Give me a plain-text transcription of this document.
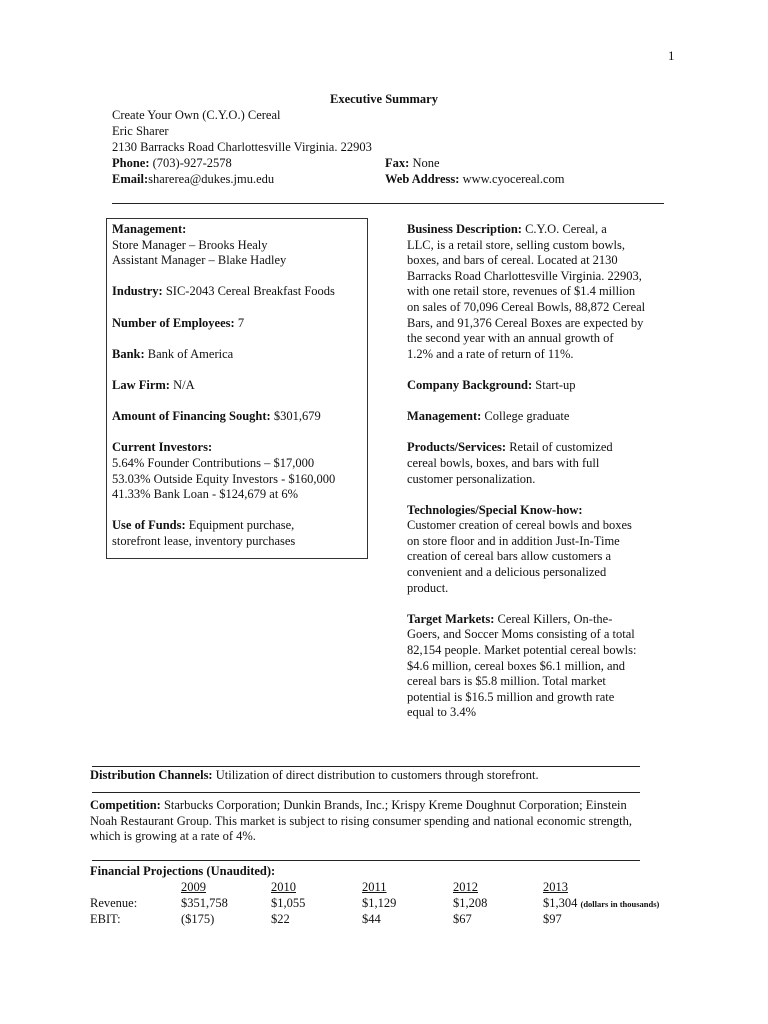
1
Executive Summary
Create Your Own (C.Y.O.) Cereal
Eric Sharer
2130 Barracks Road Charlottesville Virginia. 22903
Phone: (703)-927-2578	Fax: None
Email:sharerea@dukes.jmu.edu	Web Address: www.cyocereal.com

Management:
Store Manager – Brooks Healy
Assistant Manager – Blake Hadley

Industry: SIC-2043 Cereal Breakfast Foods

Number of Employees: 7

Bank: Bank of America

Law Firm: N/A

Amount of Financing Sought: $301,679

Current Investors:
5.64% Founder Contributions – $17,000
53.03% Outside Equity Investors - $160,000
41.33% Bank Loan - $124,679 at 6%

Use of Funds: Equipment purchase,
storefront lease, inventory purchases

Business Description: C.Y.O. Cereal, a
LLC, is a retail store, selling custom bowls,
boxes, and bars of cereal. Located at 2130
Barracks Road Charlottesville Virginia. 22903,
with one retail store, revenues of $1.4 million
on sales of 70,096 Cereal Bowls, 88,872 Cereal
Bars, and 91,376 Cereal Boxes are expected by
the second year with an annual growth of
1.2% and a rate of return of 11%.

Company Background: Start-up

Management: College graduate

Products/Services: Retail of customized
cereal bowls, boxes, and bars with full
customer personalization.

Technologies/Special Know-how:
Customer creation of cereal bowls and boxes
on store floor and in addition Just-In-Time
creation of cereal bars allow customers a
convenient and a delicious personalized
product.

Target Markets: Cereal Killers, On-the-
Goers, and Soccer Moms consisting of a total
82,154 people. Market potential cereal bowls:
$4.6 million, cereal boxes $6.1 million, and
cereal bars is $5.8 million. Total market
potential is $16.5 million and growth rate
equal to 3.4%

Distribution Channels: Utilization of direct distribution to customers through storefront.
Competition: Starbucks Corporation; Dunkin Brands, Inc.; Krispy Kreme Doughnut Corporation; Einstein
Noah Restaurant Group. This market is subject to rising consumer spending and national economic strength,
which is growing at a rate of 4%.
Financial Projections (Unaudited):
	2009	2010	2011	2012	2013
Revenue:	$351,758	$1,055	$1,129	$1,208	$1,304 (dollars in thousands)
EBIT:	($175)	$22	$44	$67	$97
